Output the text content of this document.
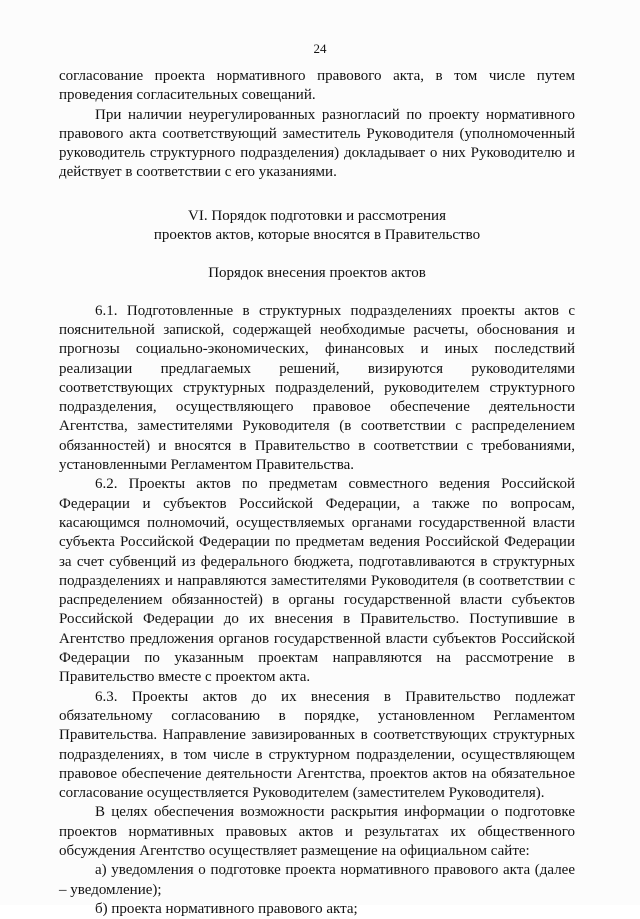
24

согласование проекта нормативного правового акта, в том числе путем проведения согласительных совещаний.

При наличии неурегулированных разногласий по проекту нормативного правового акта соответствующий заместитель Руководителя (уполномоченный руководитель структурного подразделения) докладывает о них Руководителю и действует в соответствии с его указаниями.

VI. Порядок подготовки и рассмотрения
проектов актов, которые вносятся в Правительство

Порядок внесения проектов актов

6.1. Подготовленные в структурных подразделениях проекты актов с пояснительной запиской, содержащей необходимые расчеты, обоснования и прогнозы социально-экономических, финансовых и иных последствий реализации предлагаемых решений, визируются руководителями соответствующих структурных подразделений, руководителем структурного подразделения, осуществляющего правовое обеспечение деятельности Агентства, заместителями Руководителя (в соответствии с распределением обязанностей) и вносятся в Правительство в соответствии с требованиями, установленными Регламентом Правительства.

6.2. Проекты актов по предметам совместного ведения Российской Федерации и субъектов Российской Федерации, а также по вопросам, касающимся полномочий, осуществляемых органами государственной власти субъекта Российской Федерации по предметам ведения Российской Федерации за счет субвенций из федерального бюджета, подготавливаются в структурных подразделениях и направляются заместителями Руководителя (в соответствии с распределением обязанностей) в органы государственной власти субъектов Российской Федерации до их внесения в Правительство. Поступившие в Агентство предложения органов государственной власти субъектов Российской Федерации по указанным проектам направляются на рассмотрение в Правительство вместе с проектом акта.

6.3. Проекты актов до их внесения в Правительство подлежат обязательному согласованию в порядке, установленном Регламентом Правительства. Направление завизированных в соответствующих структурных подразделениях, в том числе в структурном подразделении, осуществляющем правовое обеспечение деятельности Агентства, проектов актов на обязательное согласование осуществляется Руководителем (заместителем Руководителя).

В целях обеспечения возможности раскрытия информации о подготовке проектов нормативных правовых актов и результатах их общественного обсуждения Агентство осуществляет размещение на официальном сайте:

а) уведомления о подготовке проекта нормативного правового акта (далее – уведомление);

б) проекта нормативного правового акта;
